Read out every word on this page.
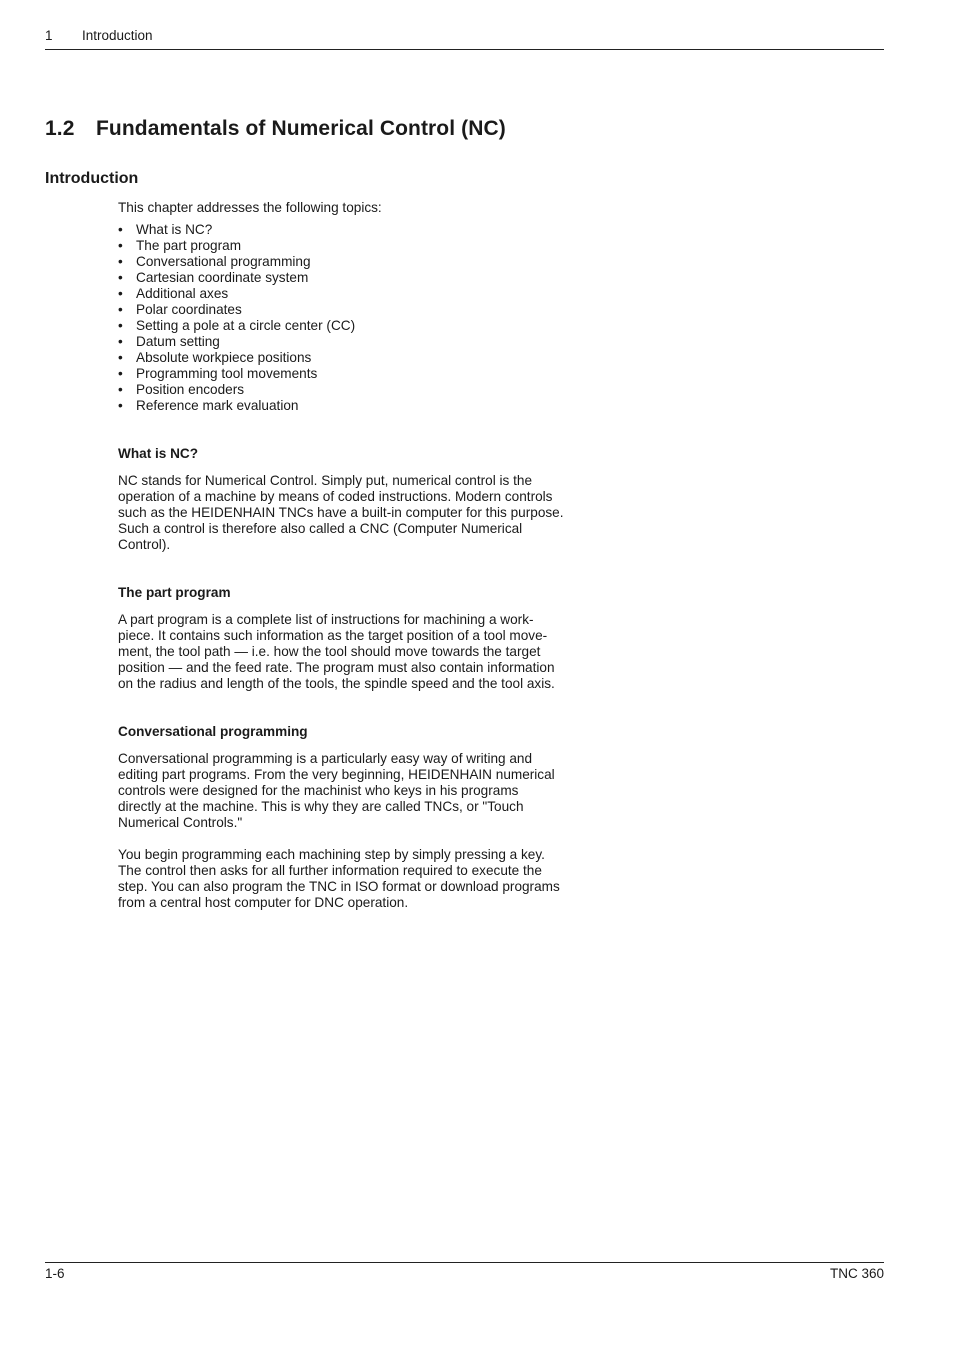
1 Introduction
1.2 Fundamentals of Numerical Control (NC)
Introduction

This chapter addresses the following topics:

• What is NC?
• The part program
• Conversational programming
• Cartesian coordinate system
• Additional axes
• Polar coordinates
• Setting a pole at a circle center (CC)
• Datum setting
• Absolute workpiece positions
• Programming tool movements
• Position encoders
• Reference mark evaluation

What is NC?

NC stands for Numerical Control. Simply put, numerical control is the
operation of a machine by means of coded instructions. Modern controls
such as the HEIDENHAIN TNCs have a built-in computer for this purpose.
Such a control is therefore also called a CNC (Computer Numerical
Control).

The part program

A part program is a complete list of instructions for machining a work-
piece. It contains such information as the target position of a tool move-
ment, the tool path — i.e. how the tool should move towards the target
position — and the feed rate. The program must also contain information
on the radius and length of the tools, the spindle speed and the tool axis.

Conversational programming

Conversational programming is a particularly easy way of writing and
editing part programs. From the very beginning, HEIDENHAIN numerical
controls were designed for the machinist who keys in his programs
directly at the machine. This is why they are called TNCs, or "Touch
Numerical Controls."
You begin programming each machining step by simply pressing a key.
The control then asks for all further information required to execute the
step. You can also program the TNC in ISO format or download programs
from a central host computer for DNC operation.
1-6	TNC 360
